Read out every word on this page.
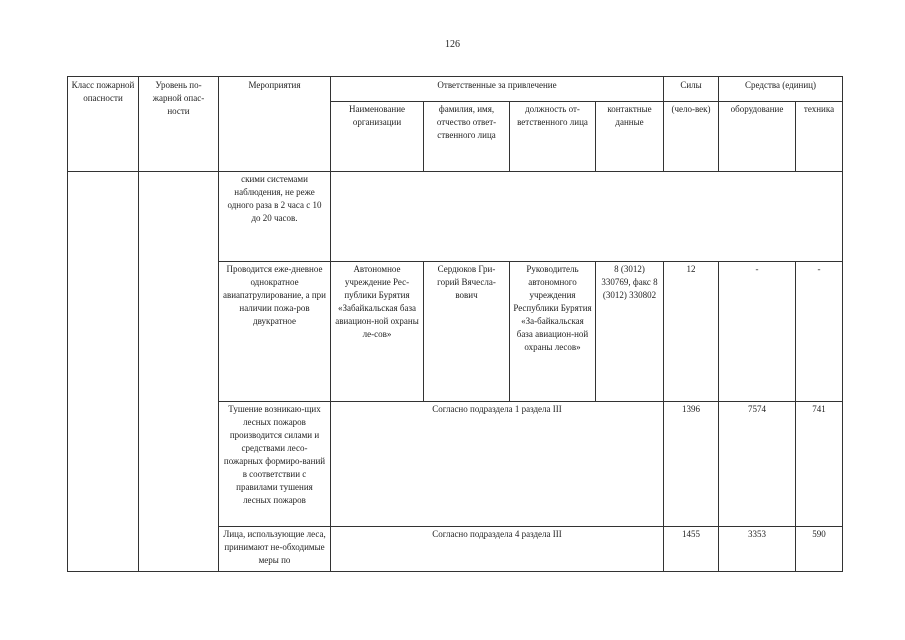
126
Класс пожарной опасности	Уровень по-жарной опас-ности	Мероприятия	Ответственные за привлечение				Силы	Средства (единиц)	
			Наименование организации	фамилия, имя, отчество ответ-ственного лица	должность от-ветственного лица	контактные данные	(чело-век)	оборудование	техника
		скими системами наблюдения, не реже одного раза в 2 часа с 10 до 20 часов.							
		Проводится еже-дневное однократное авиапатрулирование, а при наличии пожа-ров двукратное	Автономное учреждение Рес-публики Бурятия «Забайкальская база авиацион-ной охраны ле-сов»	Сердюков Гри-горий Вячесла-вович	Руководитель автономного учреждения Республики Бурятия «За-байкальская база авиацион-ной охраны лесов»	8 (3012) 330769, факс 8 (3012) 330802	12	-	-
		Тушение возникаю-щих лесных пожаров производится силами и средствами лесо-пожарных формиро-ваний в соответствии с правилами тушения лесных пожаров	Согласно подраздела 1 раздела III				1396	7574	741
		Лица, использующие леса, принимают не-обходимые меры по	Согласно подраздела 4 раздела III				1455	3353	590
